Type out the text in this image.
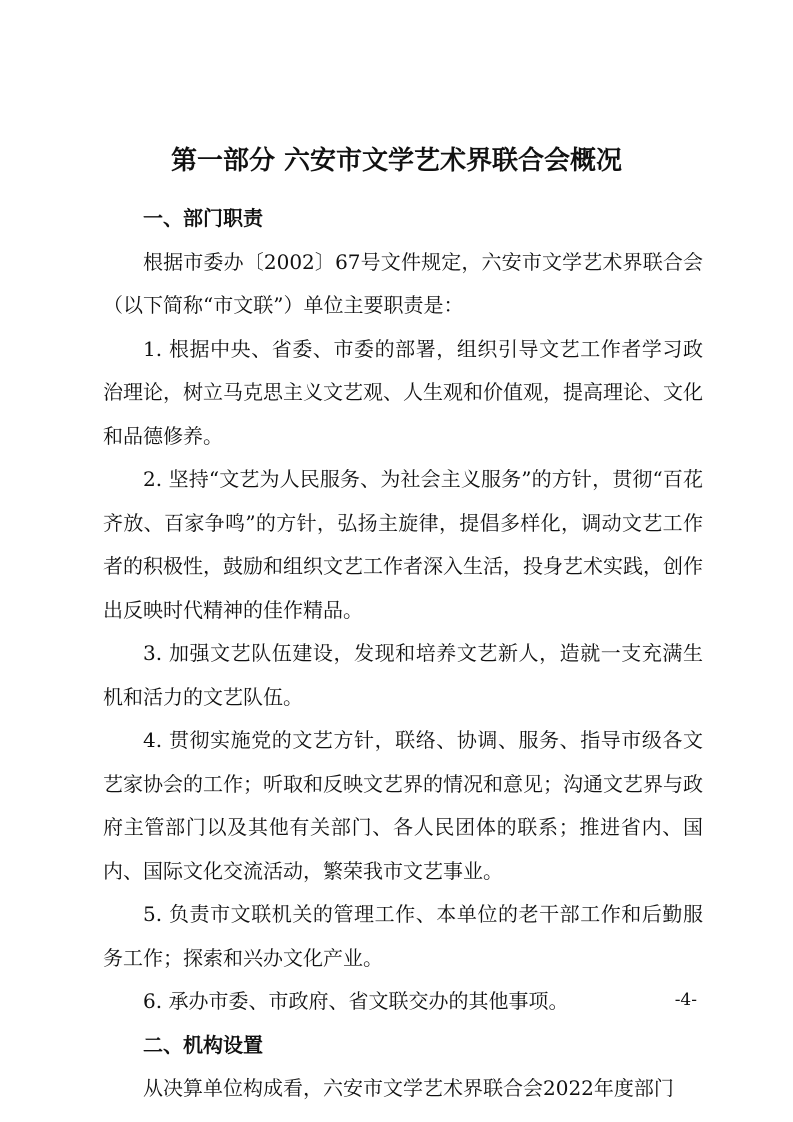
第一部分 六安市文学艺术界联合会概况

一、部门职责

根据市委办〔2002〕67号文件规定，六安市文学艺术界联合会（以下简称“市文联”）单位主要职责是：

1. 根据中央、省委、市委的部署，组织引导文艺工作者学习政治理论，树立马克思主义文艺观、人生观和价值观，提高理论、文化和品德修养。

2. 坚持“文艺为人民服务、为社会主义服务”的方针，贯彻“百花齐放、百家争鸣”的方针，弘扬主旋律，提倡多样化，调动文艺工作者的积极性，鼓励和组织文艺工作者深入生活，投身艺术实践，创作出反映时代精神的佳作精品。

3. 加强文艺队伍建设，发现和培养文艺新人，造就一支充满生机和活力的文艺队伍。

4. 贯彻实施党的文艺方针，联络、协调、服务、指导市级各文艺家协会的工作；听取和反映文艺界的情况和意见；沟通文艺界与政府主管部门以及其他有关部门、各人民团体的联系；推进省内、国内、国际文化交流活动，繁荣我市文艺事业。

5. 负责市文联机关的管理工作、本单位的老干部工作和后勤服务工作；探索和兴办文化产业。

6. 承办市委、市政府、省文联交办的其他事项。

二、机构设置

从决算单位构成看，六安市文学艺术界联合会2022年度部门

-4-
